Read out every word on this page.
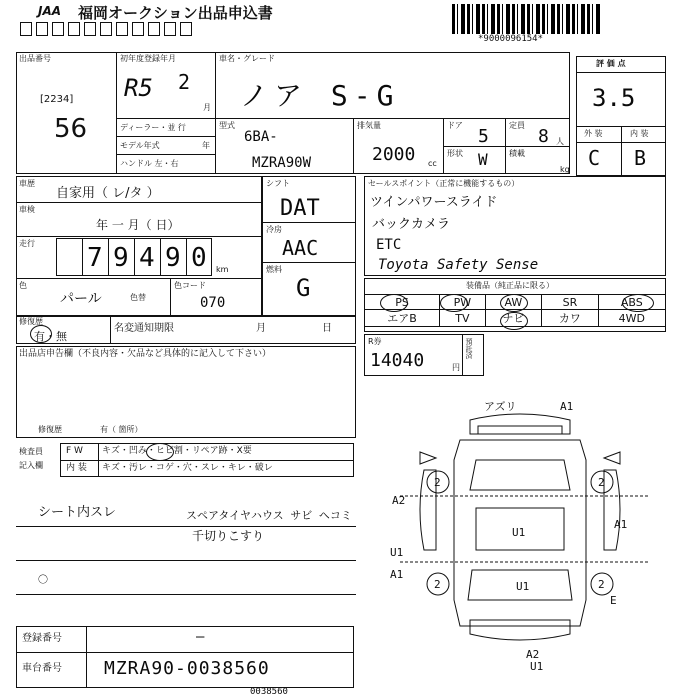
JAA 福岡オークション出品申込書
*9000096154*
出品番号
[2234]
56
初年度登録年月
R5 2
月
ディーラー・並 行
モデル年式	年
ハンドル 左・右
車名・グレード
ノア S-G
型式
6BA-
MZRA90W
排気量
2000 cc
ドア
5
定員
8 人
形状 W	積載
kg
評 価 点
3.5
外 装	内 装
C B
車歴
自家用（ レ/タ ）
車検
年 一 月（ 日）
走行 7 9 4 9 0 km
色
パール	色替
色コード
070
シフト
DAT
冷房
AAC
燃料
G
セールスポイント（正常に機能するもの）
ツインパワースライド
バックカメラ
ETC
Toyota Safety Sense
装備品（純正品に限る）
PS	PW	AW	SR	ABS
エアB	TV	ナビ	カワ	4WD
修復歴
有・無
名変通知期限	月	日
R券
14040	円
預託済
出品店申告欄（不良内容・欠品など具体的に記入して下さい）
修復歴	有（ 箇所）
検査員
記入欄
F W キズ・凹み・ヒビ割・リペア跡・X要
内 装 キズ・汚レ・コゲ・穴・スレ・キレ・破レ
シート内スレ	スペアタイヤハウス サビ ヘコミ
千切りこすり
〇
アズリ	A1
A2
U1
A1
U1
A1
U1
E
A2
U1
2	2
2	2
登録番号	—
車台番号 MZRA90-0038560
0038560
